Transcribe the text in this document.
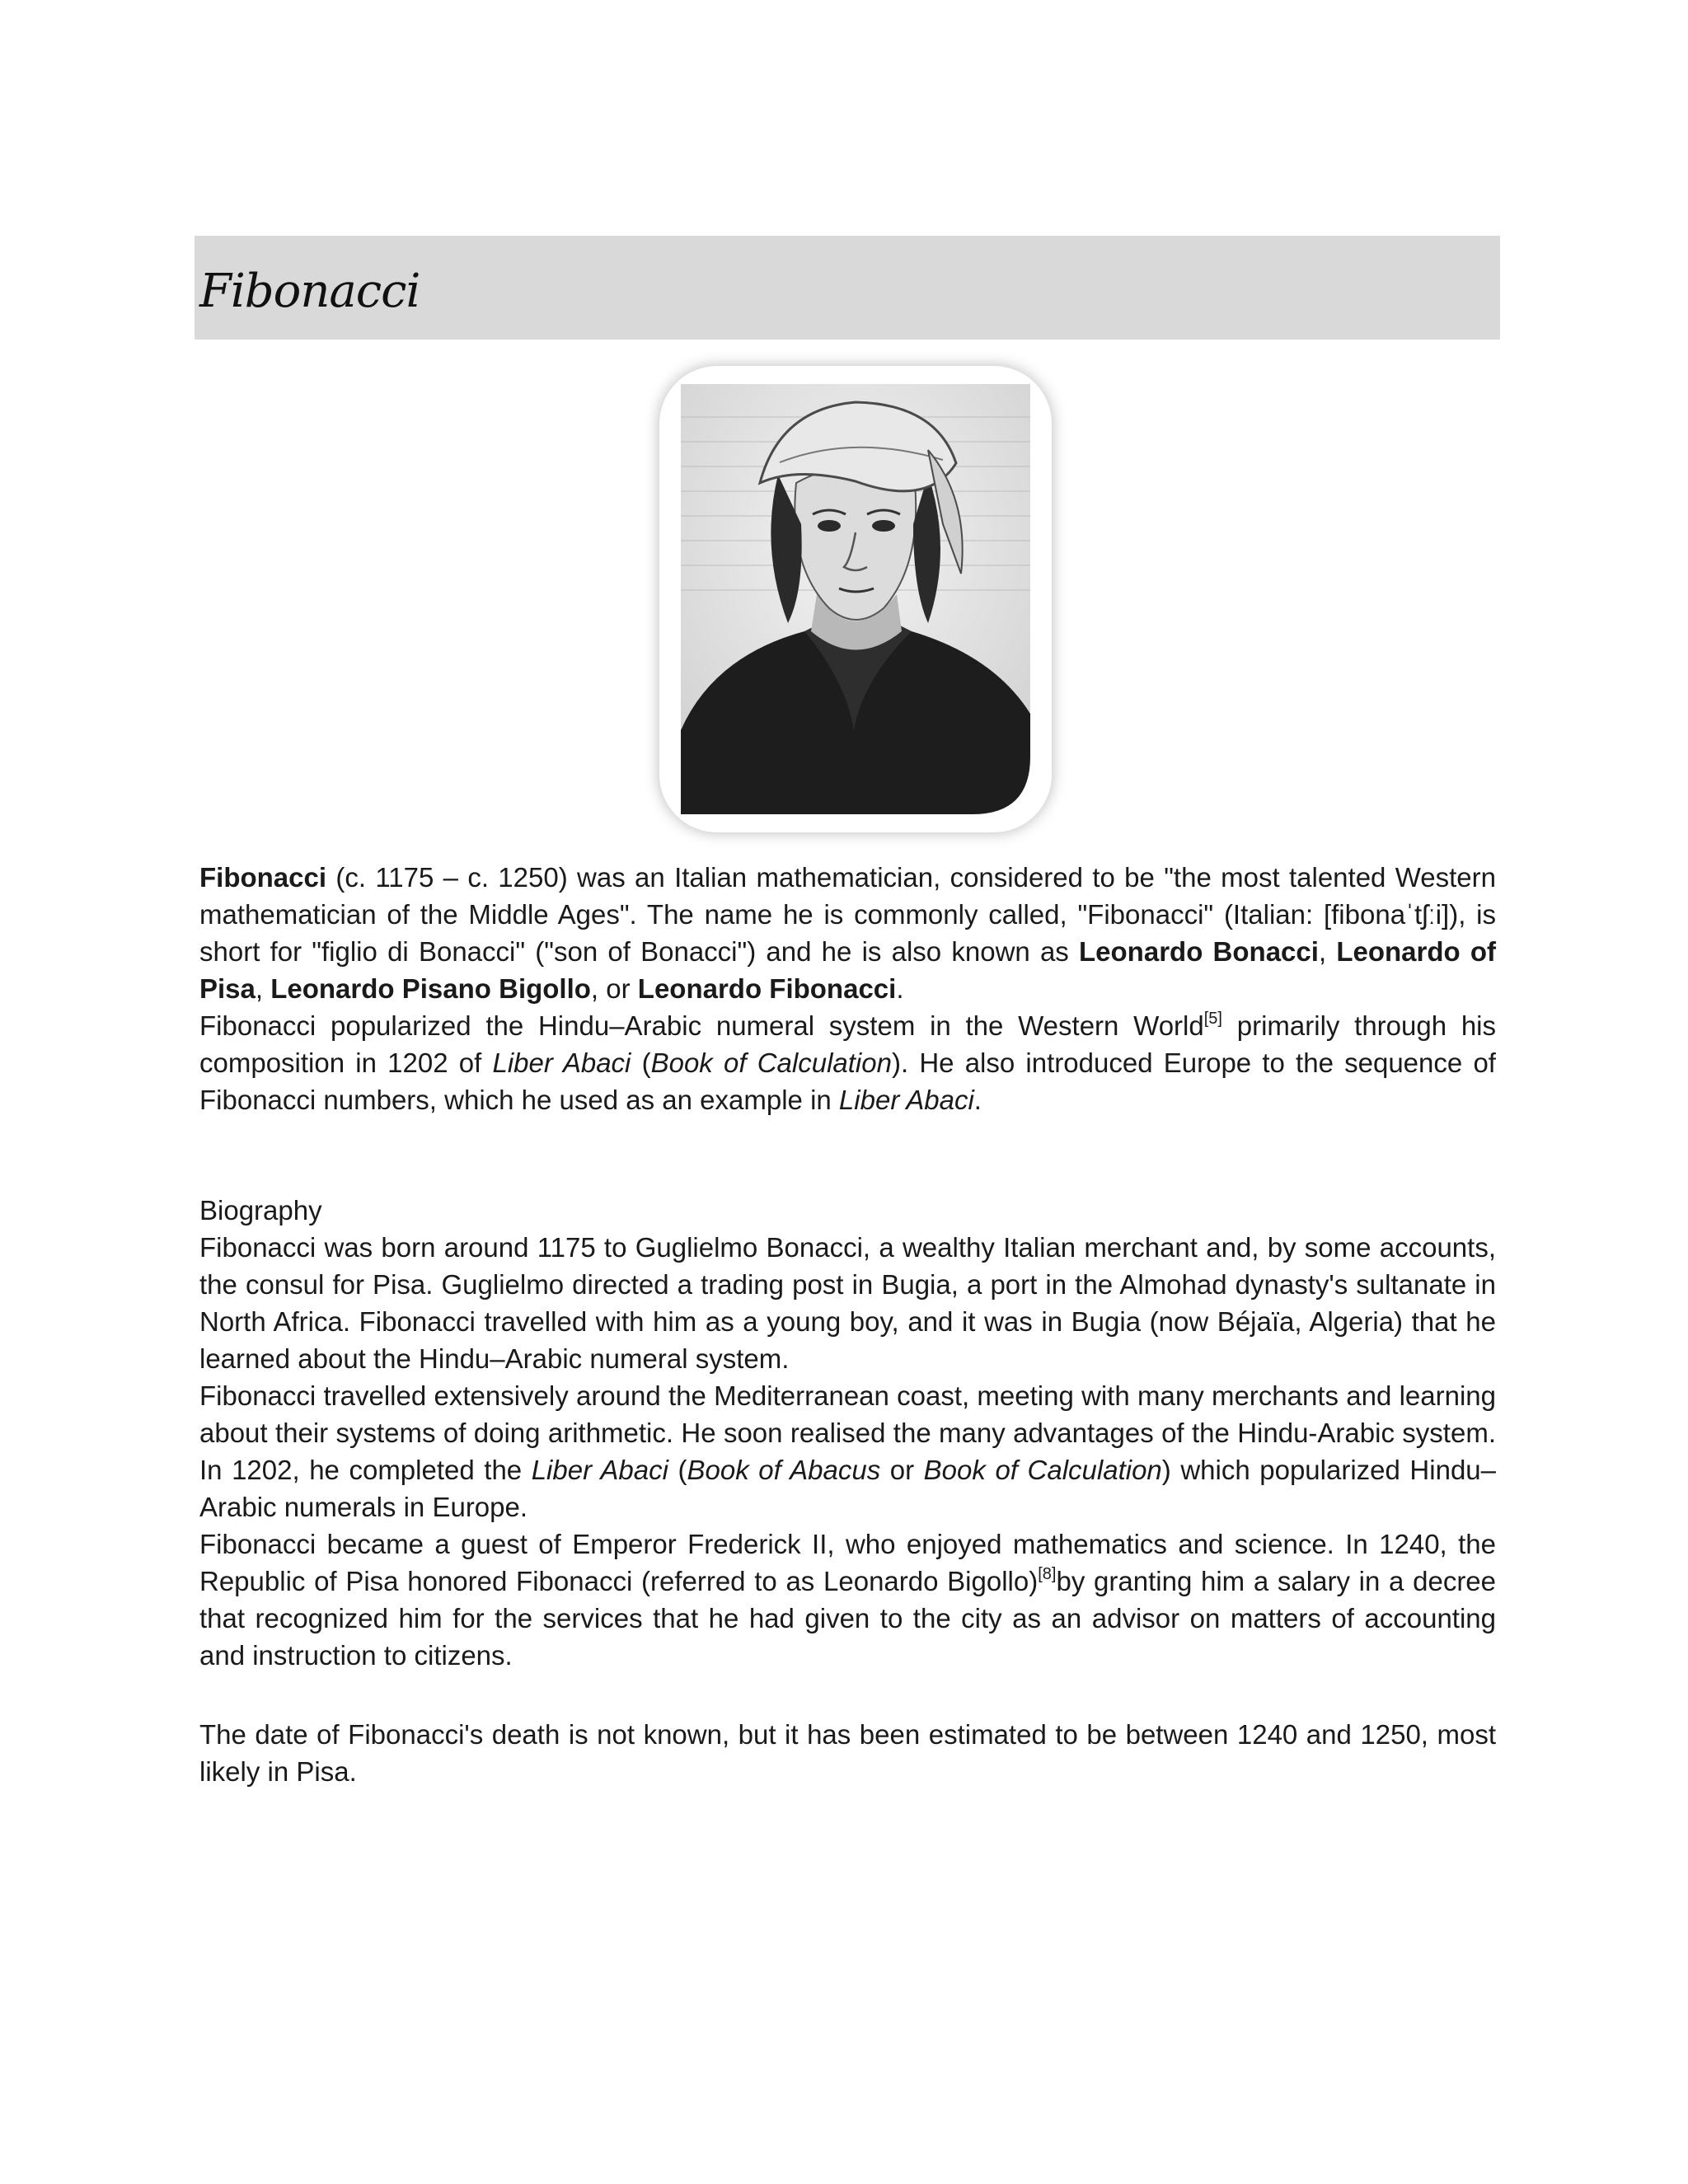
Fibonacci

Fibonacci (c. 1175 – c. 1250) was an Italian mathematician, considered to be "the most talented Western mathematician of the Middle Ages". The name he is commonly called, "Fibonacci" (Italian: [fibonaˈtʃːi]), is short for "figlio di Bonacci" ("son of Bonacci") and he is also known as Leonardo Bonacci, Leonardo of Pisa, Leonardo Pisano Bigollo, or Leonardo Fibonacci.

Fibonacci popularized the Hindu–Arabic numeral system in the Western World[5] primarily through his composition in 1202 of Liber Abaci (Book of Calculation). He also introduced Europe to the sequence of Fibonacci numbers, which he used as an example in Liber Abaci.

Biography

Fibonacci was born around 1175 to Guglielmo Bonacci, a wealthy Italian merchant and, by some accounts, the consul for Pisa. Guglielmo directed a trading post in Bugia, a port in the Almohad dynasty's sultanate in North Africa. Fibonacci travelled with him as a young boy, and it was in Bugia (now Béjaïa, Algeria) that he learned about the Hindu–Arabic numeral system.

Fibonacci travelled extensively around the Mediterranean coast, meeting with many merchants and learning about their systems of doing arithmetic. He soon realised the many advantages of the Hindu-Arabic system. In 1202, he completed the Liber Abaci (Book of Abacus or Book of Calculation) which popularized Hindu–Arabic numerals in Europe.

Fibonacci became a guest of Emperor Frederick II, who enjoyed mathematics and science. In 1240, the Republic of Pisa honored Fibonacci (referred to as Leonardo Bigollo)[8]by granting him a salary in a decree that recognized him for the services that he had given to the city as an advisor on matters of accounting and instruction to citizens.

The date of Fibonacci's death is not known, but it has been estimated to be between 1240 and 1250, most likely in Pisa.
